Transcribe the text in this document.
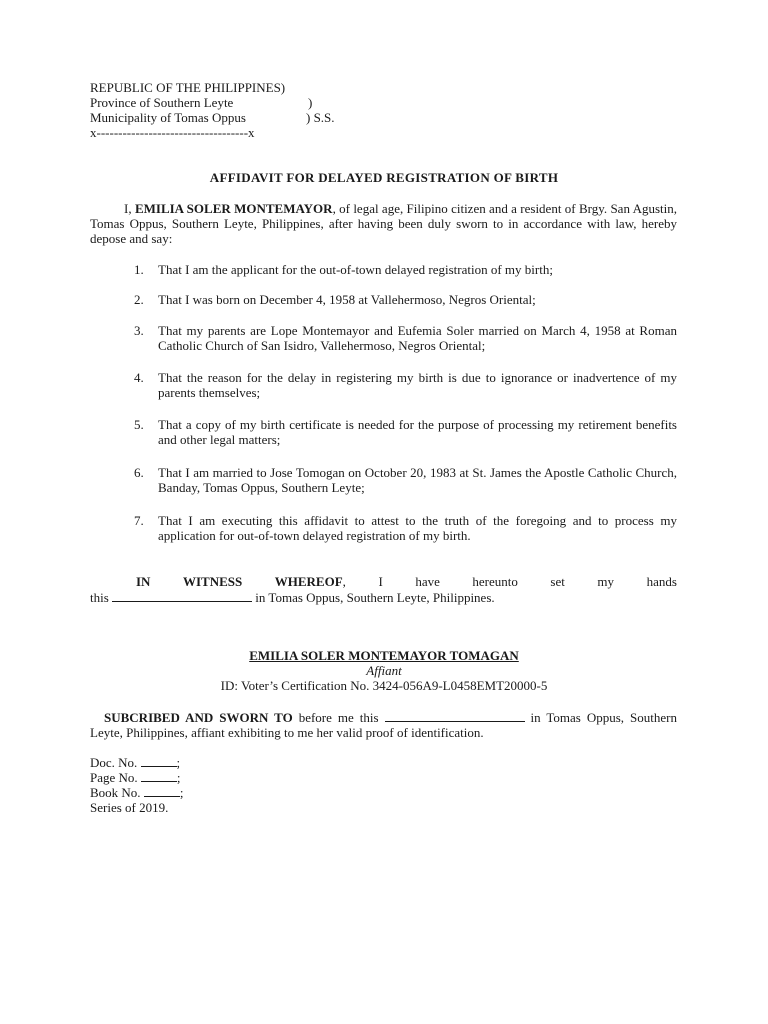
REPUBLIC OF THE PHILIPPINES)
Province of Southern Leyte	)
Municipality of Tomas Oppus	) S.S.
x-----------------------------------x
AFFIDAVIT FOR DELAYED REGISTRATION OF BIRTH
I, EMILIA SOLER MONTEMAYOR, of legal age, Filipino citizen and a resident of Brgy. San Agustin, Tomas Oppus, Southern Leyte, Philippines, after having been duly sworn to in accordance with law, hereby depose and say:
1. That I am the applicant for the out-of-town delayed registration of my birth;
2. That I was born on December 4, 1958 at Vallehermoso, Negros Oriental;
3. That my parents are Lope Montemayor and Eufemia Soler married on March 4, 1958 at Roman Catholic Church of San Isidro, Vallehermoso, Negros Oriental;
4. That the reason for the delay in registering my birth is due to ignorance or inadvertence of my parents themselves;
5. That a copy of my birth certificate is needed for the purpose of processing my retirement benefits and other legal matters;
6. That I am married to Jose Tomogan on October 20, 1983 at St. James the Apostle Catholic Church, Banday, Tomas Oppus, Southern Leyte;
7. That I am executing this affidavit to attest to the truth of the foregoing and to process my application for out-of-town delayed registration of my birth.
IN	WITNESS	WHEREOF,	I	have	hereunto	set	my	hands
this	in Tomas Oppus, Southern Leyte, Philippines.
EMILIA SOLER MONTEMAYOR TOMAGAN
Affiant
ID: Voter’s Certification No. 3424-056A9-L0458EMT20000-5
SUBCRIBED AND SWORN TO before me this	in Tomas Oppus, Southern Leyte, Philippines, affiant exhibiting to me her valid proof of identification.
Doc. No.	;
Page No.	;
Book No.	;
Series of 2019.
